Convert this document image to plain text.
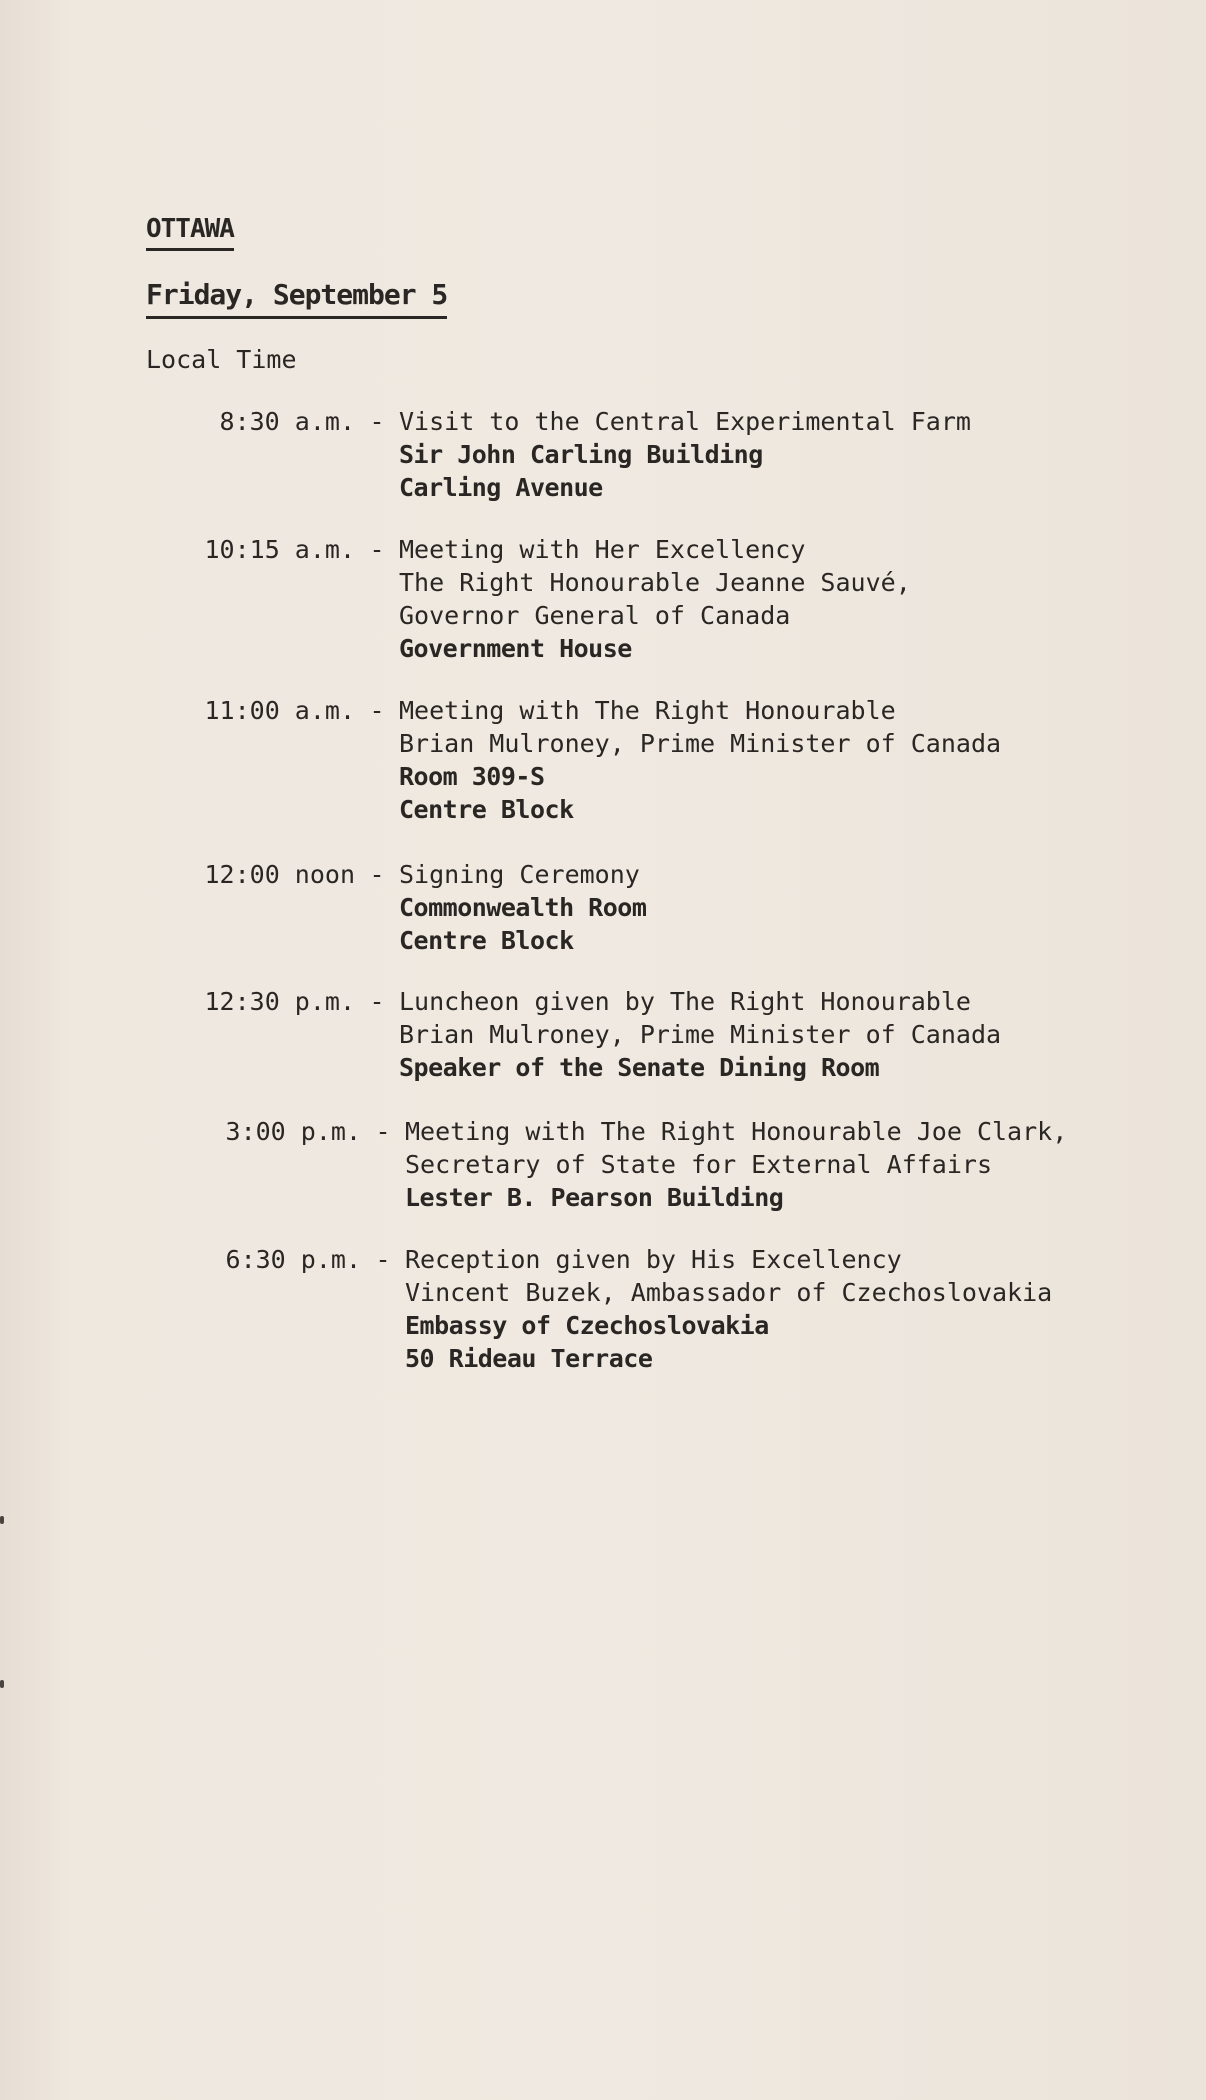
OTTAWA
Friday, September 5
Local Time
8:30 a.m. - Visit to the Central Experimental Farm
Sir John Carling Building
Carling Avenue
10:15 a.m. - Meeting with Her Excellency
The Right Honourable Jeanne Sauvé,
Governor General of Canada
Government House
11:00 a.m. - Meeting with The Right Honourable
Brian Mulroney, Prime Minister of Canada
Room 309-S
Centre Block
12:00 noon - Signing Ceremony
Commonwealth Room
Centre Block
12:30 p.m. - Luncheon given by The Right Honourable
Brian Mulroney, Prime Minister of Canada
Speaker of the Senate Dining Room
3:00 p.m. - Meeting with The Right Honourable Joe Clark,
Secretary of State for External Affairs
Lester B. Pearson Building
6:30 p.m. - Reception given by His Excellency
Vincent Buzek, Ambassador of Czechoslovakia
Embassy of Czechoslovakia
50 Rideau Terrace
